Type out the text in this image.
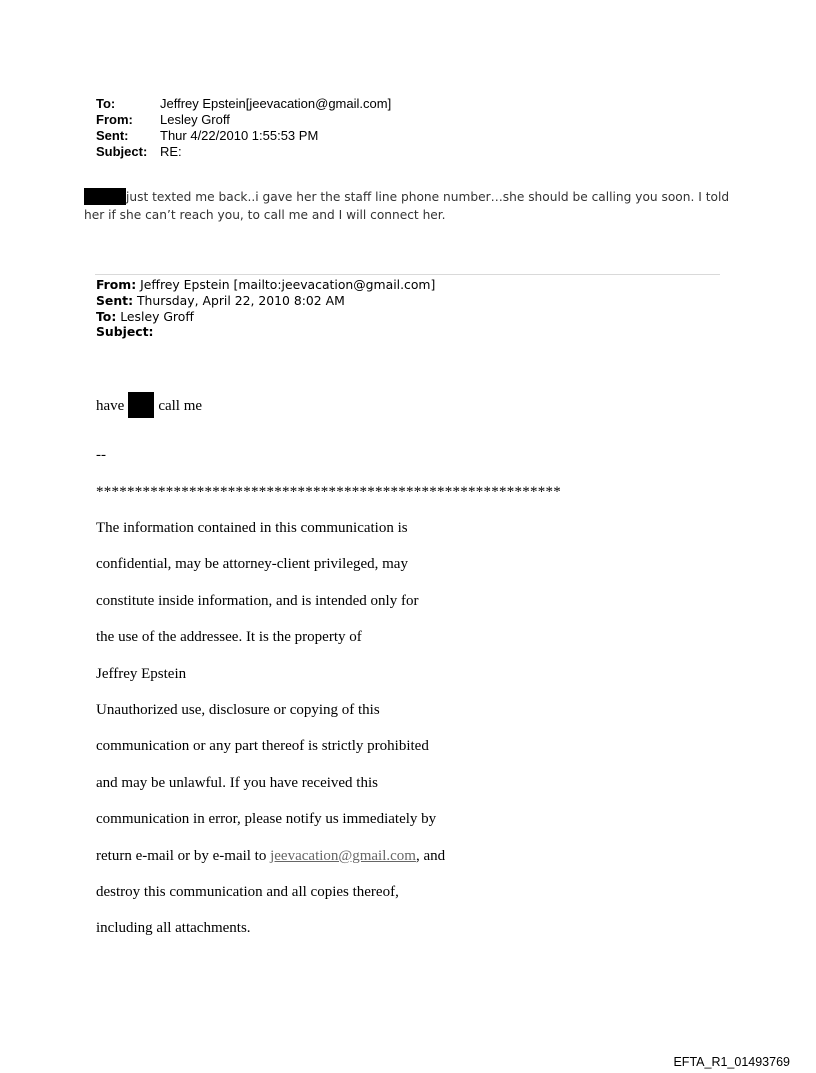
To:	Jeffrey Epstein[jeevacation@gmail.com]
From:	Lesley Groff
Sent:	Thur 4/22/2010 1:55:53 PM
Subject: RE:
just texted me back..i gave her the staff line phone number…she should be calling you soon. I told
her if she can’t reach you, to call me and I will connect her.
From: Jeffrey Epstein [mailto:jeevacation@gmail.com]
Sent: Thursday, April 22, 2010 8:02 AM
To: Lesley Groff
Subject:
have call me

--

************************************************************

The information contained in this communication is

confidential, may be attorney-client privileged, may

constitute inside information, and is intended only for

the use of the addressee. It is the property of

Jeffrey Epstein

Unauthorized use, disclosure or copying of this

communication or any part thereof is strictly prohibited

and may be unlawful. If you have received this

communication in error, please notify us immediately by

return e-mail or by e-mail to jeevacation@gmail.com, and

destroy this communication and all copies thereof,

including all attachments.

EFTA_R1_01493769
